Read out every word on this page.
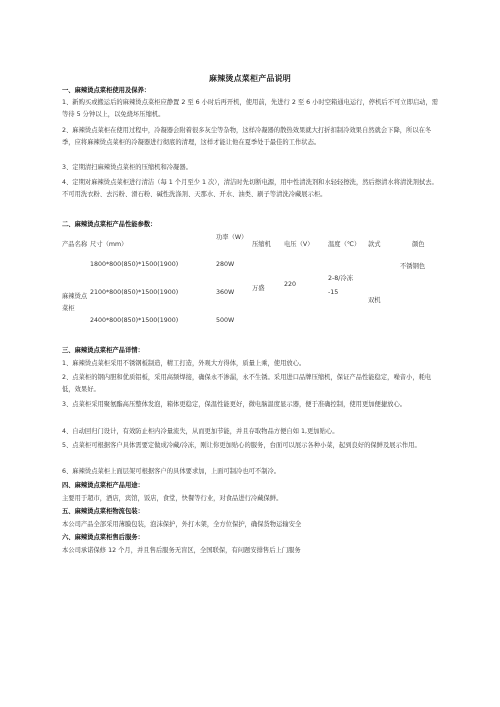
麻辣烫点菜柜产品说明
一、麻辣烫点菜柜使用及保养：
1、新购买或搬运后的麻辣烫点菜柜应静置 2 至 6 小时后再开机，使用前，先进行 2 至 6 小时空箱通电运行，停机后不可立即启动，需等待 5 分钟以上，以免烧坏压缩机。
2、麻辣烫点菜柜在使用过程中，冷凝器会附着很多灰尘等杂物，这样冷凝器的散热效果就大打折扣制冷效果自然就会下降，所以在冬季，应将麻辣烫点菜柜的冷凝器进行彻底的清理，这样才能让他在夏季处于最佳的工作状态。
3、定期清扫麻辣烫点菜柜的压缩机和冷凝器。
4、定期对麻辣烫点菜柜进行清洁（每 1 个月至少 1 次），清洁时先切断电源，用中性清洗剂和水轻轻擦洗，然后擦清水将清洗剂拭去。不可用洗衣粉、去污粉、滑石粉、碱性洗涤剂、天那水、开水、油类、刷子等清洗冷藏展示柜。
二、麻辣烫点菜柜产品性能参数：
产品名称 尺寸（mm）
功率（W）
压缩机 电压（V） 温度（℃） 款式	颜色
麻辣烫点菜柜
1800*800(850)*1500(1900)
2100*800(850)*1500(1900)
2400*800(850)*1500(1900)
280W
360W
500W
万盛
220
2-8/冷冻
-15
双机
不锈钢色
三、麻辣烫点菜柜产品详情：
1、麻辣烫点菜柜采用不锈钢板制造，精工打造，外观大方得体，质量上乘，使用放心。
2、点菜柜的钢内胆和优质铝板，采用高频焊接，确保永不渗漏，永不生锈。采用进口品牌压缩机，保证产品性能稳定，噪音小，耗电低，效果好。
3、点菜柜采用聚氨酯高压整体发泡，箱体更稳定，保温性能更好，微电脑温度显示器，便于准确控制，使用更加便捷放心。
4、自动回归门设计，有效防止柜内冷量流失，从而更加节能，并且存取物品方便自如 1,更加贴心。
5、点菜柜可根据客户具体需要定做成冷藏/冷冻，刚让你更加贴心的服务，台面可以展示各种小菜，起到良好的保鲜及展示作用。
6、麻辣烫点菜柜上面层架可根据客户的具体要求加，上面可制冷也可不制冷。
四、麻辣烫点菜柜产品用途：
主要用于超市，酒店，宾馆，饭店，食堂，快餐等行业，对食品进行冷藏保鲜。
五、麻辣烫点菜柜物流包装：
本公司产品全部采用薄膜包装，泡沫保护，外打木架，全方位保护，确保货物运输安全
六、麻辣烫点菜柜售后服务：
本公司承诺保修 12 个月，并且售后服务无盲区，全国联保，有问题安排售后上门服务
